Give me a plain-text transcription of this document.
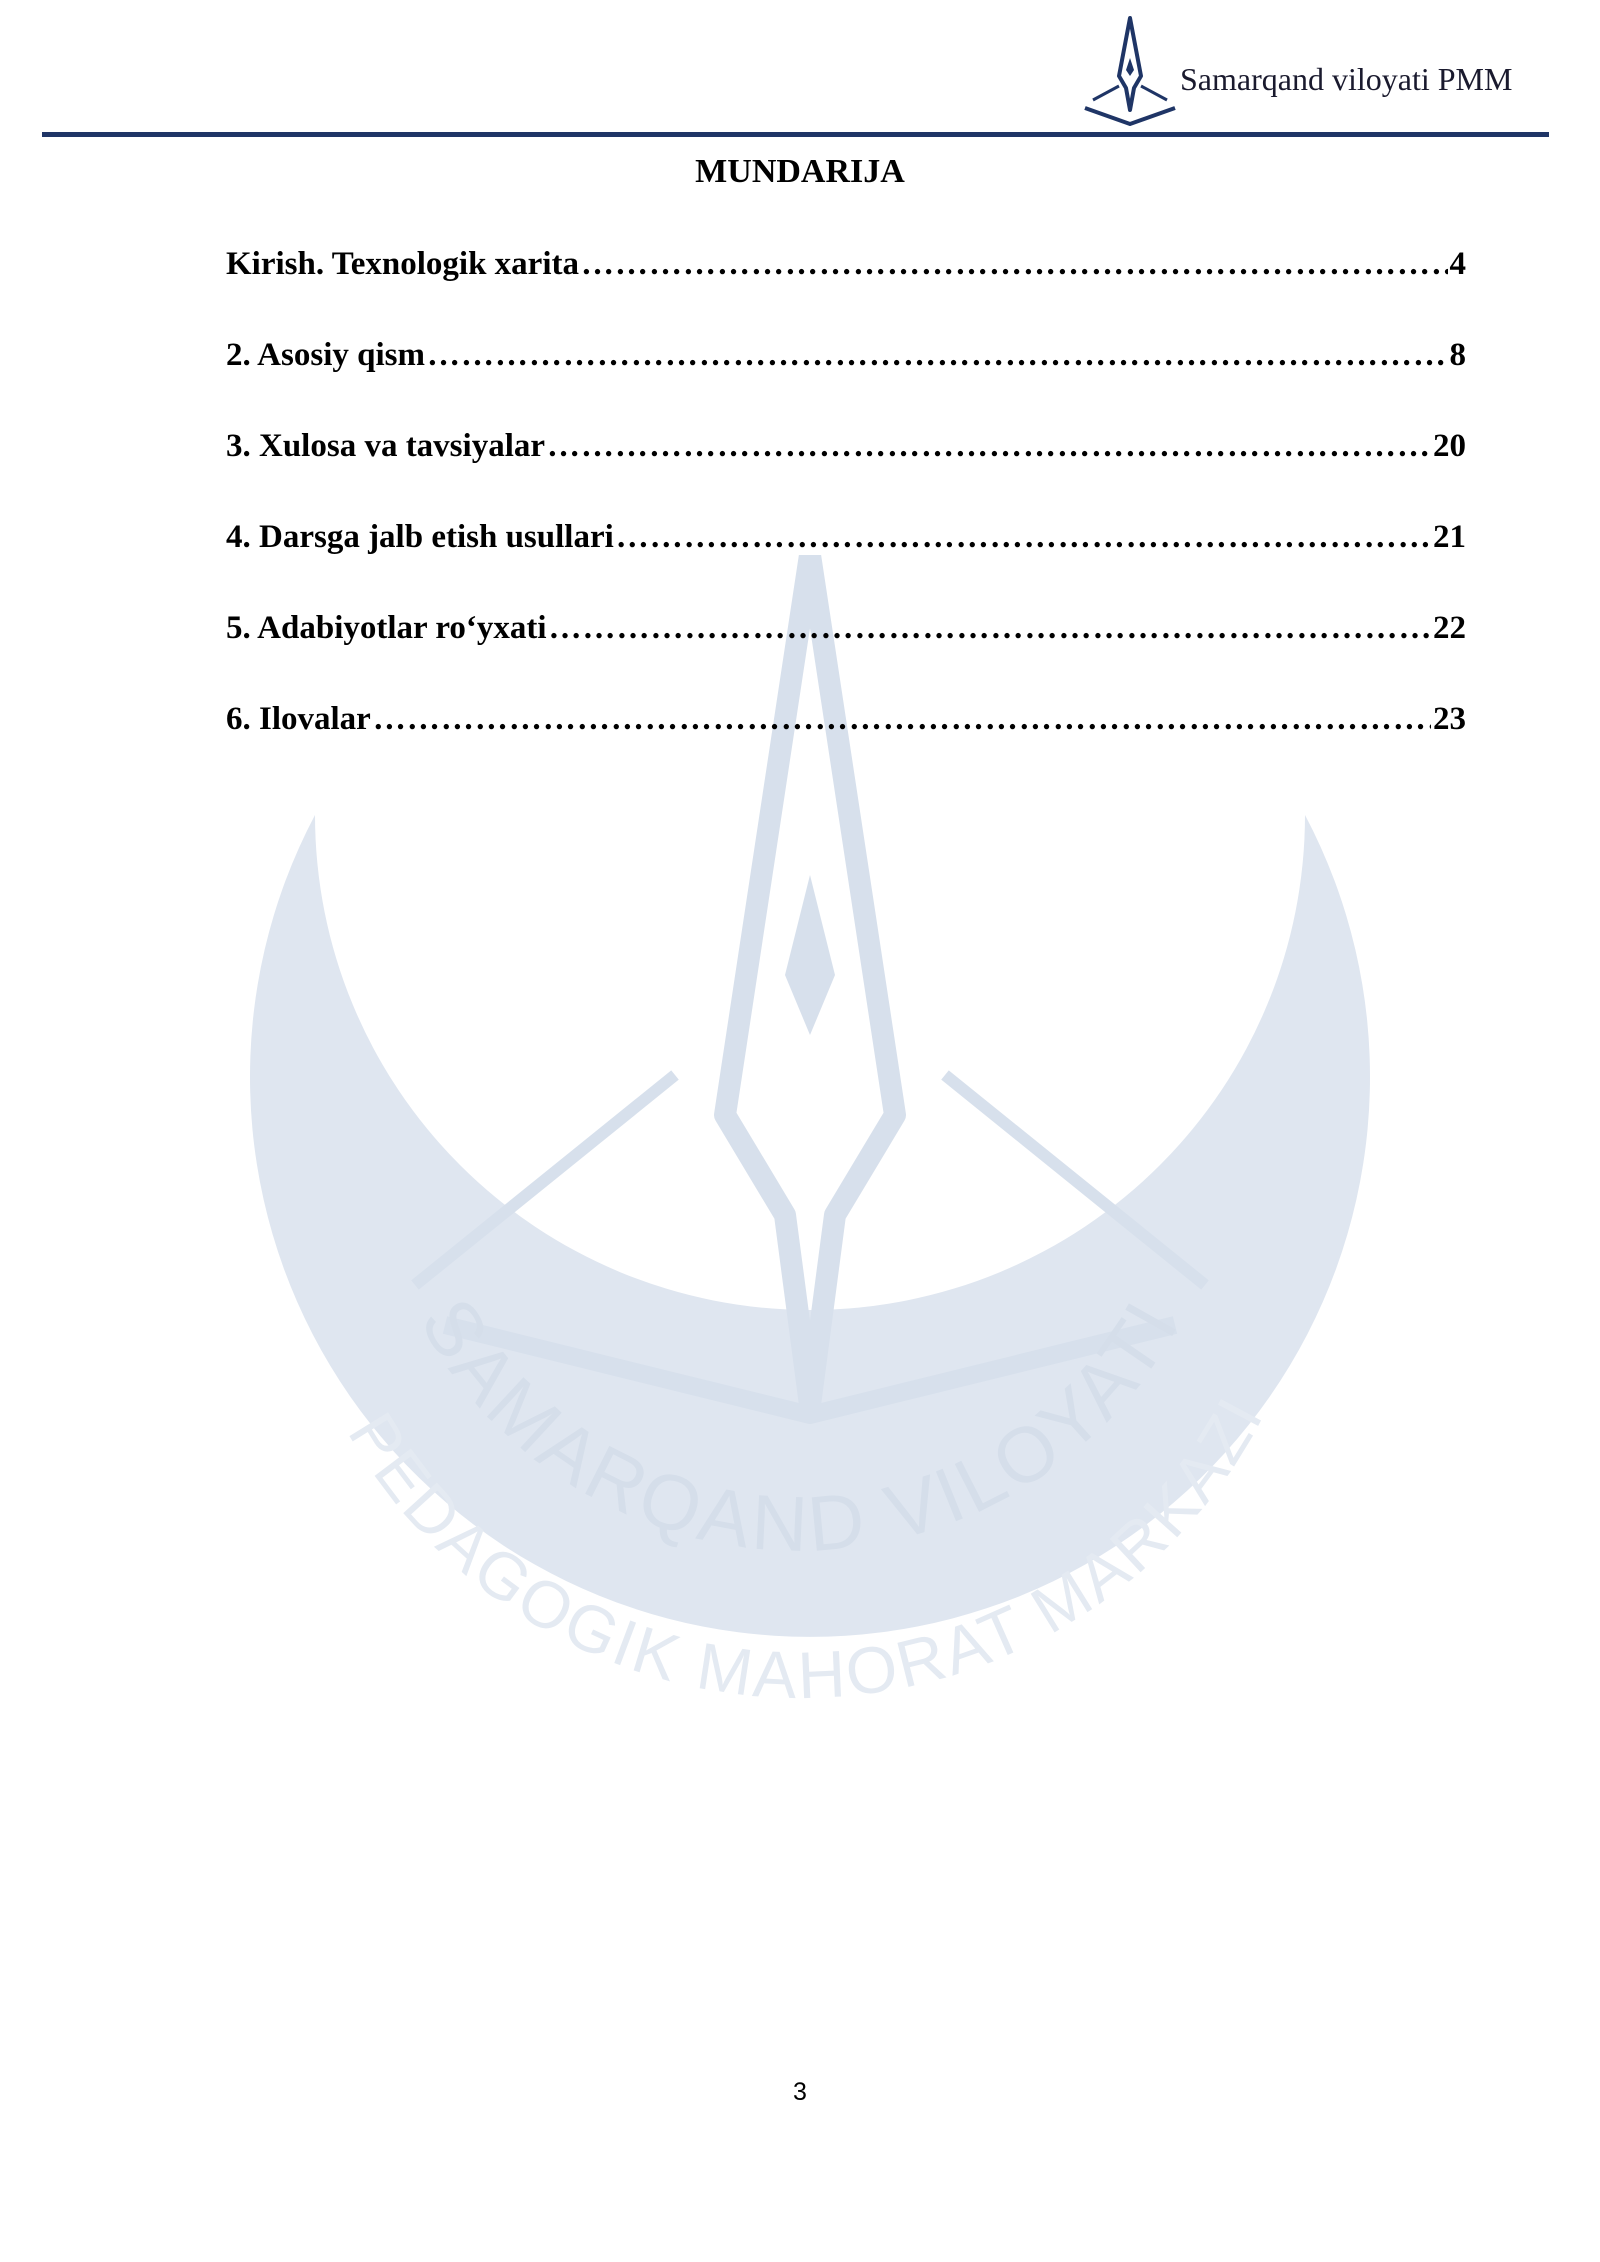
SAMARQAND VILOYATI
PEDAGOGIK MAHORAT MARKAZI
Samarqand viloyati PMM
MUNDARIJA
Kirish. Texnologik xarita …………………………………………………………………………………………………………………………………………………………………………………………	4
2. Asosiy qism …………………………………………………………………………………………………………………………………………………………………………………………	8
3. Xulosa va tavsiyalar …………………………………………………………………………………………………………………………………………………………………………………………	20
4. Darsga jalb etish usullari …………………………………………………………………………………………………………………………………………………………………………………………	21
5. Adabiyotlar ro‘yxati …………………………………………………………………………………………………………………………………………………………………………………………	22
6. Ilovalar …………………………………………………………………………………………………………………………………………………………………………………………	23
3
